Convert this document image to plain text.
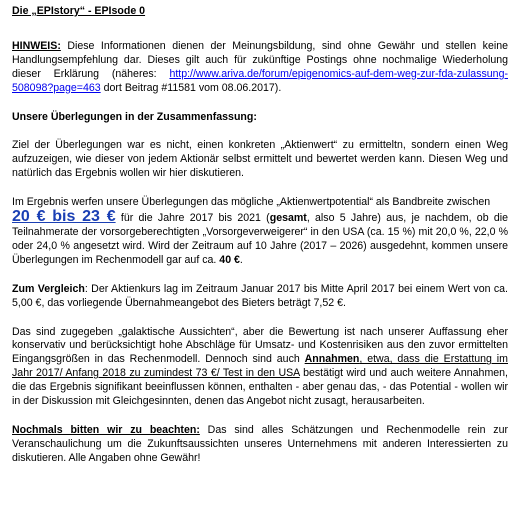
Die „EPIstory“ - EPIsode 0

HINWEIS: Diese Informationen dienen der Meinungsbildung, sind ohne Gewähr und stellen keine Handlungsempfehlung dar. Dieses gilt auch für zukünftige Postings ohne nochmalige Wiederholung dieser Erklärung (näheres: http://www.ariva.de/forum/epigenomics-auf-dem-weg-zur-fda-zulassung-508098?page=463 dort Beitrag #11581 vom 08.06.2017).

Unsere Überlegungen in der Zusammenfassung:

Ziel der Überlegungen war es nicht, einen konkreten „Aktienwert“ zu ermitteltn, sondern einen Weg aufzuzeigen, wie dieser von jedem Aktionär selbst ermittelt und bewertet werden kann. Diesen Weg und natürlich das Ergebnis wollen wir hier diskutieren.

Im Ergebnis werfen unsere Überlegungen das mögliche „Aktienwertpotential“ als Bandbreite zwischen
20 € bis 23 € für die Jahre 2017 bis 2021 (gesamt, also 5 Jahre) aus, je nachdem, ob die Teilnahmerate der vorsorgeberechtigten „Vorsorgeverweigerer“ in den USA (ca. 15 %) mit 20,0 %, 22,0 % oder 24,0 % angesetzt wird. Wird der Zeitraum auf 10 Jahre (2017 – 2026) ausgedehnt, kommen unsere Überlegungen im Rechenmodell gar auf ca. 40 €.

Zum Vergleich: Der Aktienkurs lag im Zeitraum Januar 2017 bis Mitte April 2017 bei einem Wert von ca. 5,00 €, das vorliegende Übernahmeangebot des Bieters beträgt 7,52 €.

Das sind zugegeben „galaktische Aussichten“, aber die Bewertung ist nach unserer Auffassung eher konservativ und berücksichtigt hohe Abschläge für Umsatz- und Kostenrisiken aus den zuvor ermittelten Eingangsgrößen in das Rechenmodell. Dennoch sind auch Annahmen, etwa, dass die Erstattung im Jahr 2017/ Anfang 2018 zu zumindest 73 €/ Test in den USA bestätigt wird und auch weitere Annahmen, die das Ergebnis signifikant beeinflussen können, enthalten - aber genau das, - das Potential - wollen wir in der Diskussion mit Gleichgesinnten, denen das Angebot nicht zusagt, herausarbeiten.

Nochmals bitten wir zu beachten: Das sind alles Schätzungen und Rechenmodelle rein zur Veranschaulichung um die Zukunftsaussichten unseres Unternehmens mit anderen Interessierten zu diskutieren. Alle Angaben ohne Gewähr!
